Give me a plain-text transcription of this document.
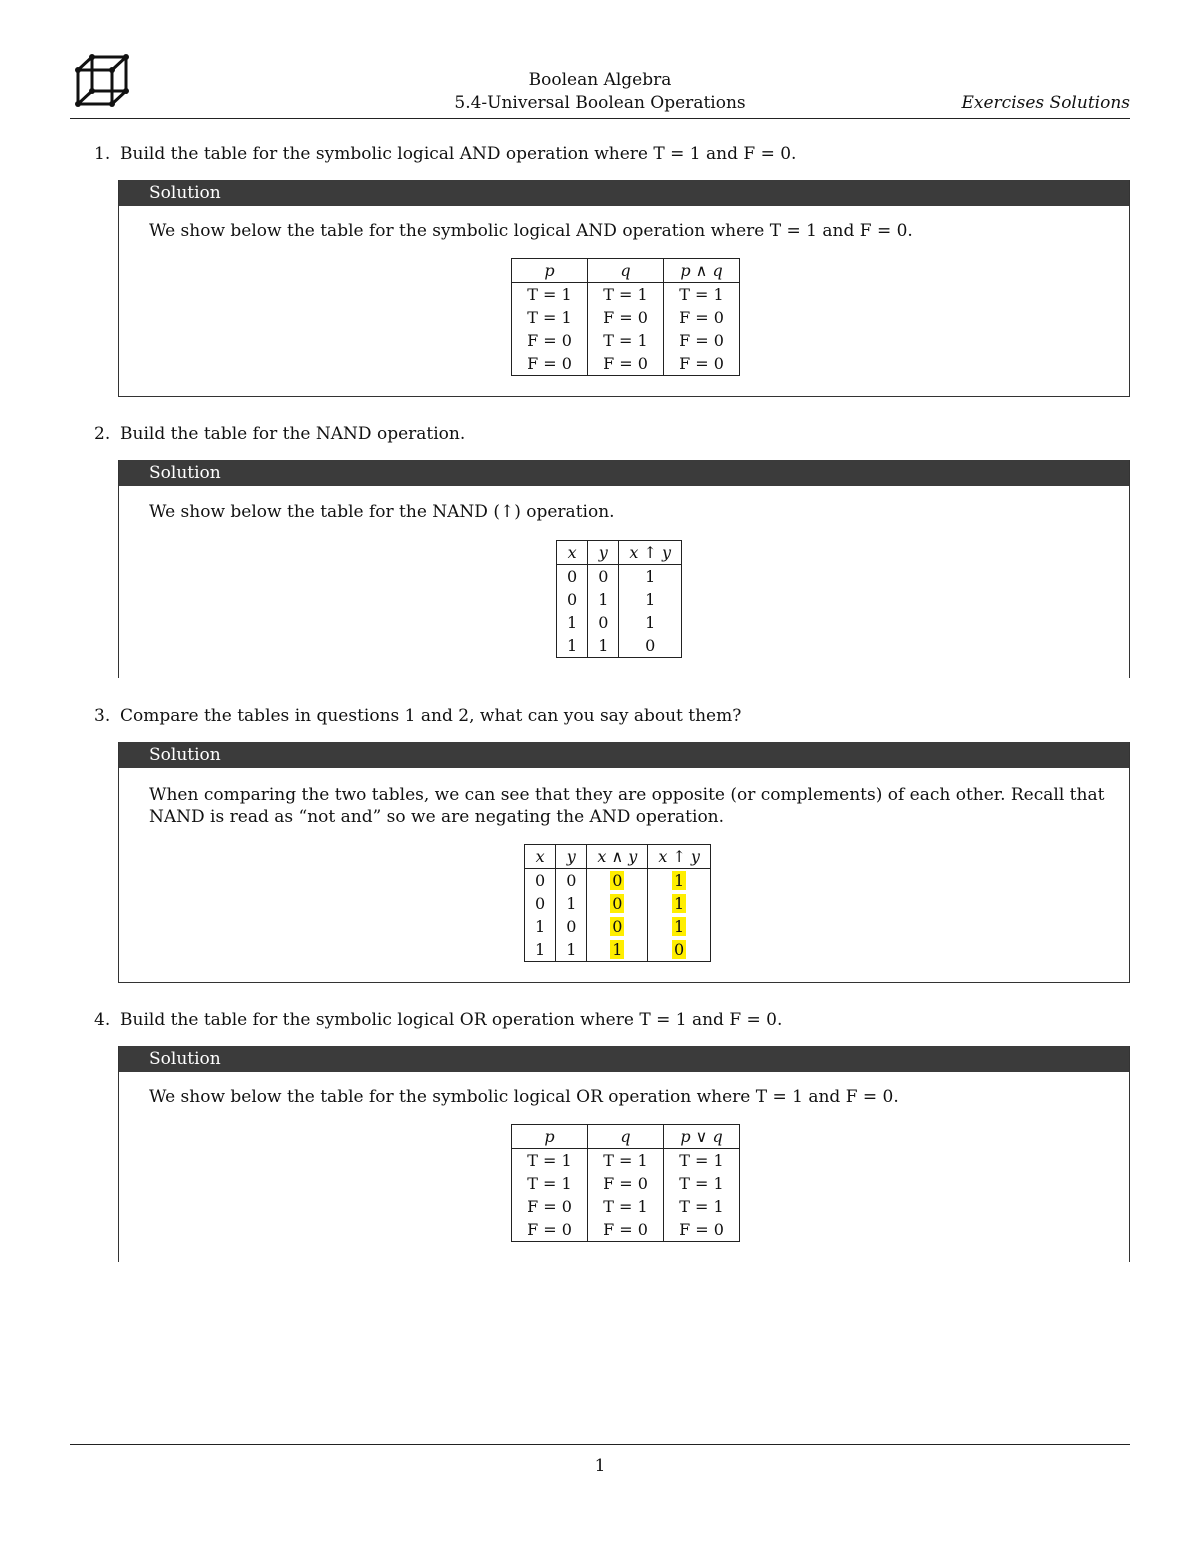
Boolean Algebra
5.4-Universal Boolean Operations	Exercises Solutions
1. Build the table for the symbolic logical AND operation where T = 1 and F = 0.
Solution
We show below the table for the symbolic logical AND operation where T = 1 and F = 0.
p	q	p ∧ q
T = 1	T = 1	T = 1
T = 1	F = 0	F = 0
F = 0	T = 1	F = 0
F = 0	F = 0	F = 0
2. Build the table for the NAND operation.
Solution
We show below the table for the NAND (↑) operation.
x	y	x ↑ y
0	0	1
0	1	1
1	0	1
1	1	0
3. Compare the tables in questions 1 and 2, what can you say about them?
Solution
When comparing the two tables, we can see that they are opposite (or complements) of each other. Recall that NAND is read as “not and” so we are negating the AND operation.
x	y	x ∧ y	x ↑ y
0	0	0	1
0	1	0	1
1	0	0	1
1	1	1	0
4. Build the table for the symbolic logical OR operation where T = 1 and F = 0.
Solution
We show below the table for the symbolic logical OR operation where T = 1 and F = 0.
p	q	p ∨ q
T = 1	T = 1	T = 1
T = 1	F = 0	T = 1
F = 0	T = 1	T = 1
F = 0	F = 0	F = 0
1
